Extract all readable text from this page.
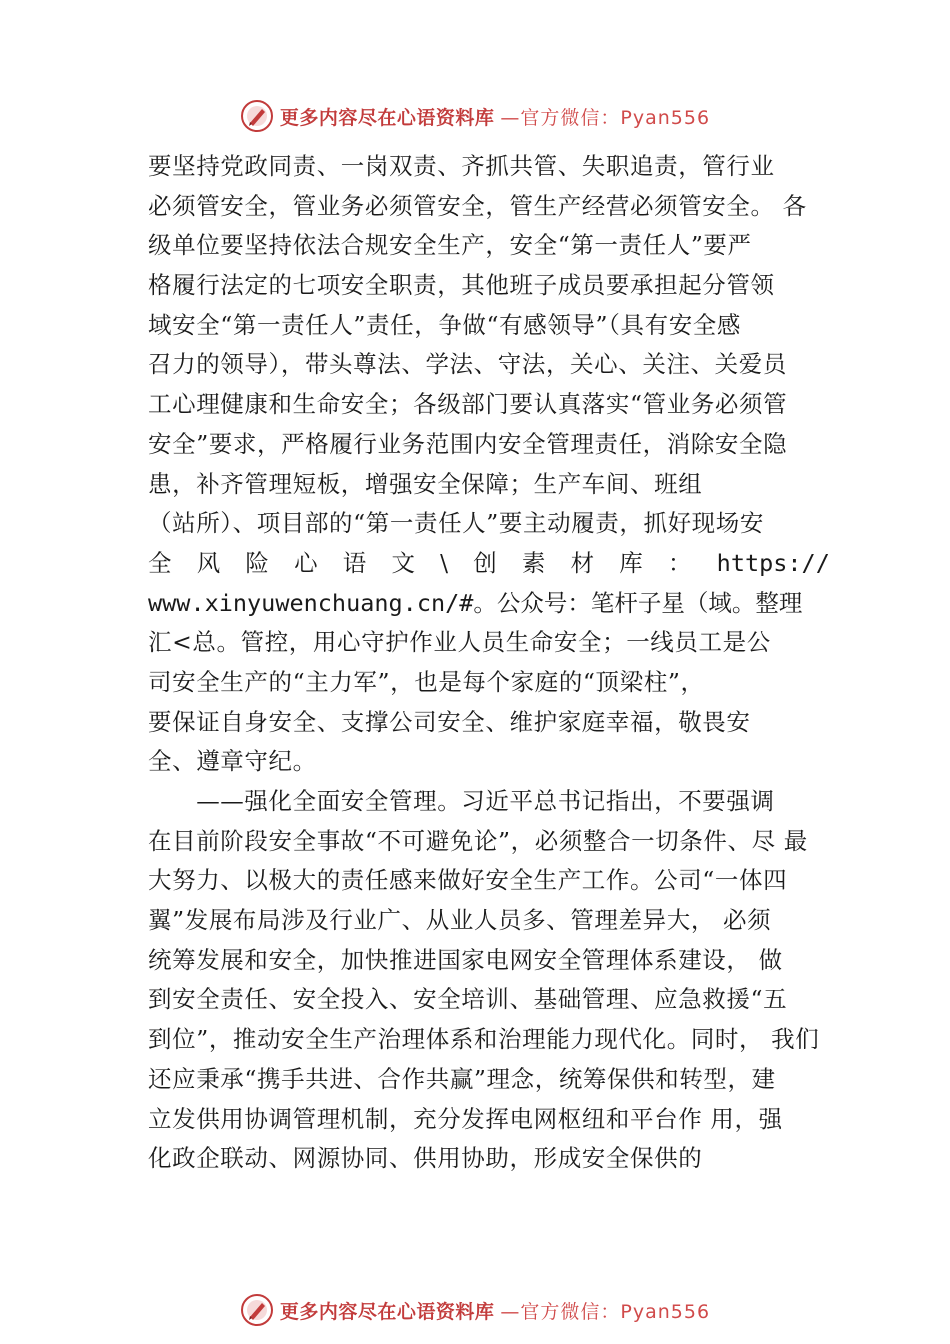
更多内容尽在心语资料库 —官方微信：Pyan556
要坚持党政同责、一岗双责、齐抓共管、失职追责，管行业
必须管安全，管业务必须管安全，管生产经营必须管安全。 各
级单位要坚持依法合规安全生产，安全“第一责任人”要严
格履行法定的七项安全职责，其他班子成员要承担起分管领
域安全“第一责任人”责任，争做“有感领导”（具有安全感
召力的领导），带头尊法、学法、守法，关心、关注、关爱员
工心理健康和生命安全；各级部门要认真落实“管业务必须管
安全”要求，严格履行业务范围内安全管理责任，消除安全隐
患，补齐管理短板，增强安全保障；生产车间、班组
（站所）、项目部的“第一责任人”要主动履责，抓好现场安
全 风 险 心 语 文 \ 创 素 材 库 ： https://
www.xinyuwenchuang.cn/#。公众号：笔杆子星（域。整理
汇<总。管控，用心守护作业人员生命安全；一线员工是公
司安全生产的“主力军”，也是每个家庭的“顶梁柱”，
要保证自身安全、支撑公司安全、维护家庭幸福，敬畏安
全、遵章守纪。
　　——强化全面安全管理。习近平总书记指出，不要强调
在目前阶段安全事故“不可避免论”，必须整合一切条件、尽 最
大努力、以极大的责任感来做好安全生产工作。公司“一体四
翼”发展布局涉及行业广、从业人员多、管理差异大， 必须
统筹发展和安全，加快推进国家电网安全管理体系建设， 做
到安全责任、安全投入、安全培训、基础管理、应急救援“五
到位”，推动安全生产治理体系和治理能力现代化。同时， 我们
还应秉承“携手共进、合作共赢”理念，统筹保供和转型，建
立发供用协调管理机制，充分发挥电网枢纽和平台作 用，强
化政企联动、网源协同、供用协助，形成安全保供的
更多内容尽在心语资料库 —官方微信：Pyan556
